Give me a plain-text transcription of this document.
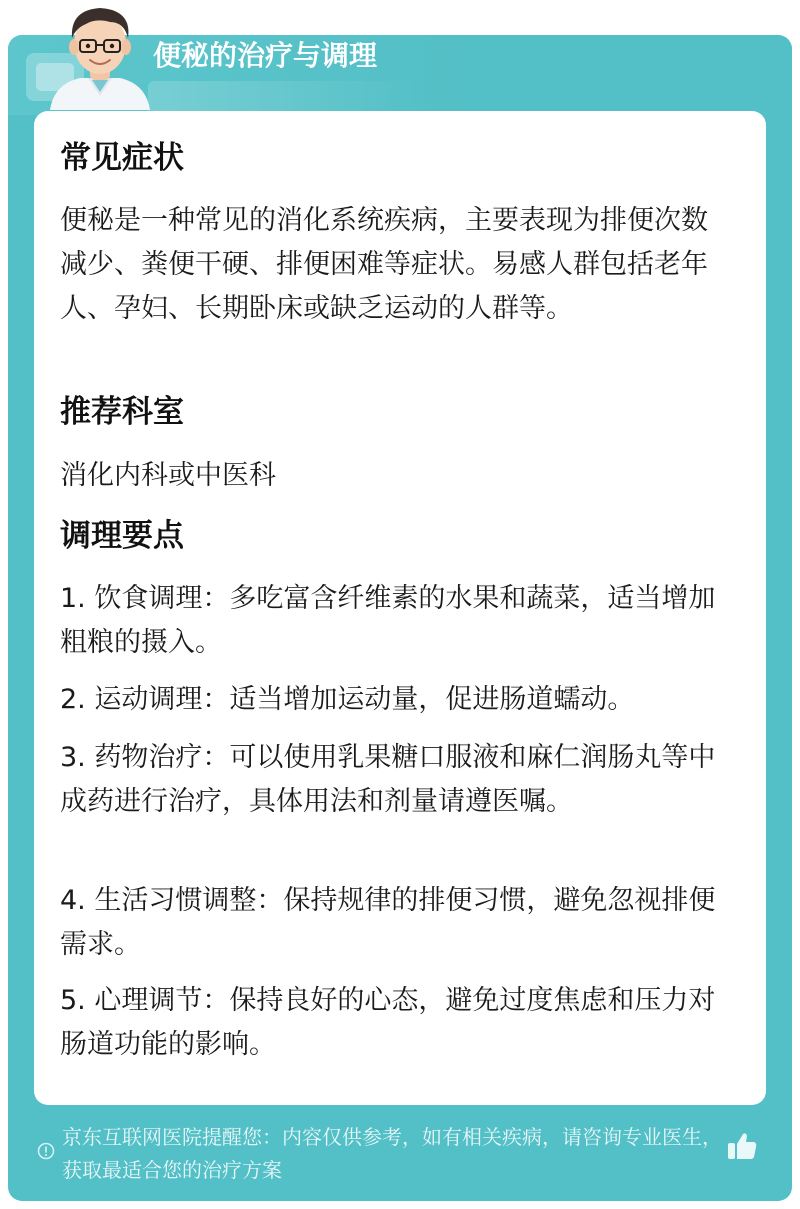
便秘的治疗与调理
常见症状
便秘是一种常见的消化系统疾病，主要表现为排便次数减少、粪便干硬、排便困难等症状。易感人群包括老年人、孕妇、长期卧床或缺乏运动的人群等。
推荐科室
消化内科或中医科
调理要点
1. 饮食调理：多吃富含纤维素的水果和蔬菜，适当增加粗粮的摄入。
2. 运动调理：适当增加运动量，促进肠道蠕动。
3. 药物治疗：可以使用乳果糖口服液和麻仁润肠丸等中成药进行治疗，具体用法和剂量请遵医嘱。
4. 生活习惯调整：保持规律的排便习惯，避免忽视排便需求。
5. 心理调节：保持良好的心态，避免过度焦虑和压力对肠道功能的影响。
京东互联网医院提醒您：内容仅供参考，如有相关疾病，请咨询专业医生，获取最适合您的治疗方案
